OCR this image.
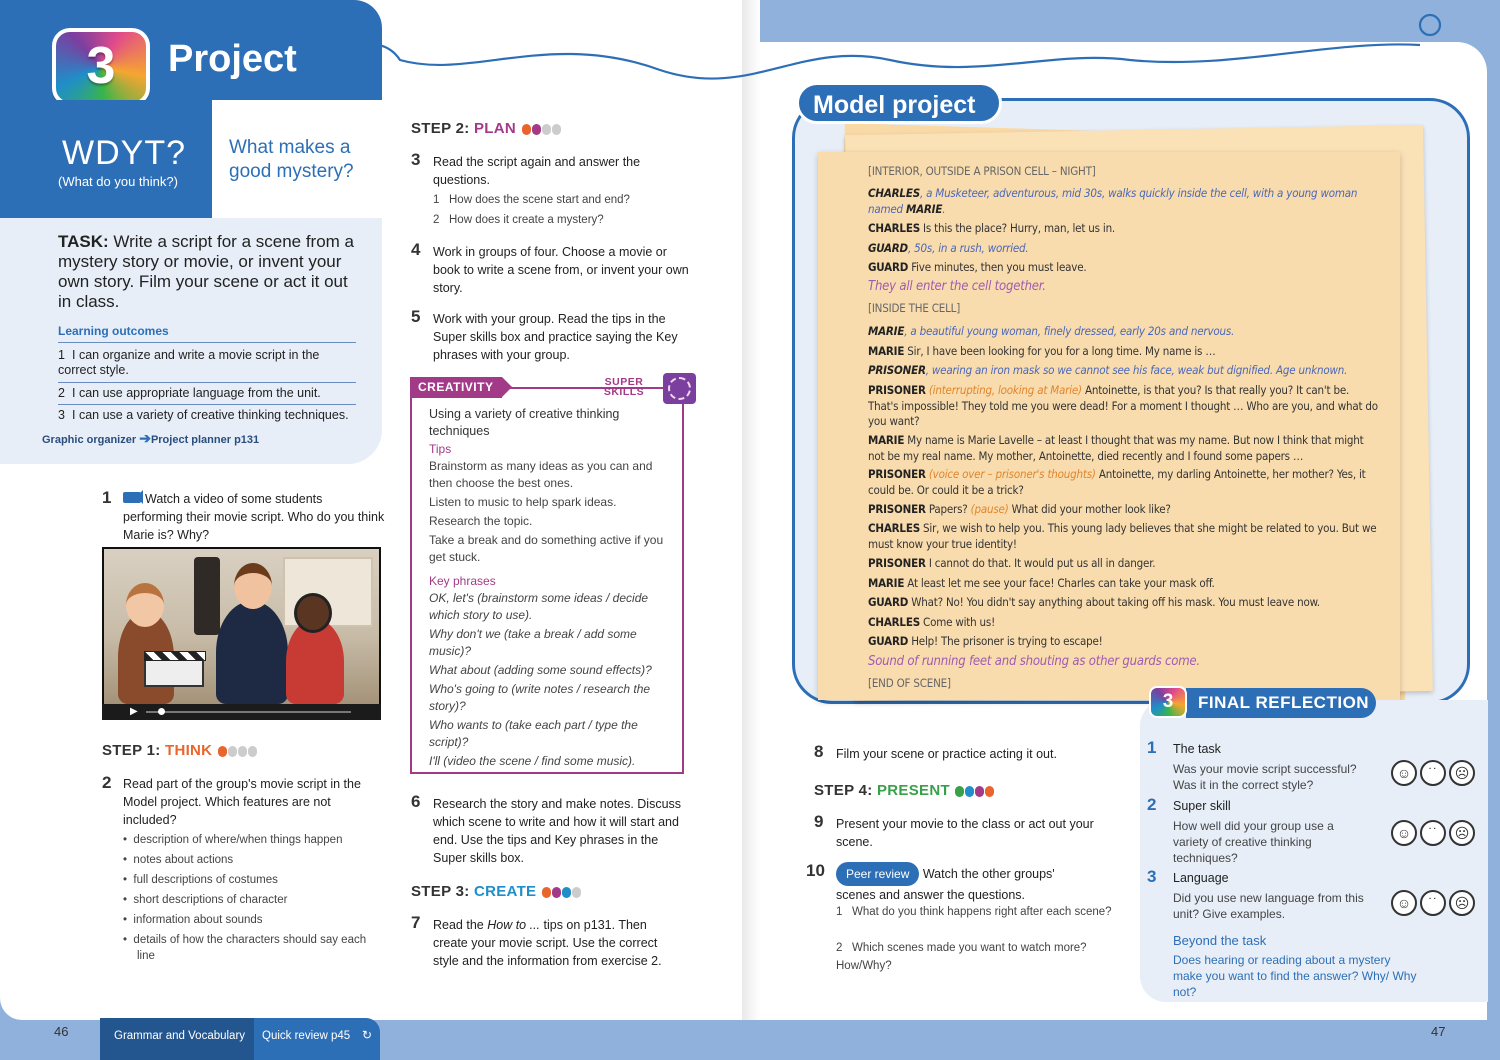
Project
3
WDYT?
(What do you think?)
What makes a good mystery?
TASK: Write a script for a scene from a mystery story or movie, or invent your own story. Film your scene or act it out in class.
Learning outcomes
1 I can organize and write a movie script in the correct style.
2 I can use appropriate language from the unit.
3 I can use a variety of creative thinking techniques.
Graphic organizer ➔Project planner p131
1	Watch a video of some students performing their movie script. Who do you think Marie is? Why?
▶
STEP 1: THINK
2 Read part of the group's movie script in the Model project. Which features are not included?
•  description of where/when things happen
•  notes about actions
•  full descriptions of costumes
•  short descriptions of character
•  information about sounds
•  details of how the characters should say each line
STEP 2: PLAN
3 Read the script again and answer the questions.
1 How does the scene start and end?
2 How does it create a mystery?
4 Work in groups of four. Choose a movie or book to write a scene from, or invent your own story.
5 Work with your group. Read the tips in the Super skills box and practice saying the Key phrases with your group.
CREATIVITY	SUPER
SKILLS
Using a variety of creative thinking techniques
Tips
Brainstorm as many ideas as you can and then choose the best ones.
Listen to music to help spark ideas.
Research the topic.
Take a break and do something active if you get stuck.
Key phrases
OK, let's (brainstorm some ideas / decide which story to use).
Why don't we (take a break / add some music)?
What about (adding some sound effects)?
Who's going to (write notes / research the story)?
Who wants to (take each part / type the script)?
I'll (video the scene / find some music).
6 Research the story and make notes. Discuss which scene to write and how it will start and end. Use the tips and Key phrases in the Super skills box.
STEP 3: CREATE
7 Read the How to ... tips on p131. Then create your movie script. Use the correct style and the information from exercise 2.
Model project
[INTERIOR, OUTSIDE A PRISON CELL – NIGHT]
CHARLES, a Musketeer, adventurous, mid 30s, walks quickly inside the cell, with a young woman named MARIE.
CHARLES Is this the place? Hurry, man, let us in.
GUARD, 50s, in a rush, worried.
GUARD Five minutes, then you must leave.
They all enter the cell together.
[INSIDE THE CELL]
MARIE, a beautiful young woman, finely dressed, early 20s and nervous.
MARIE Sir, I have been looking for you for a long time. My name is …
PRISONER, wearing an iron mask so we cannot see his face, weak but dignified. Age unknown.
PRISONER (interrupting, looking at Marie) Antoinette, is that you? Is that really you? It can't be. That's impossible! They told me you were dead! For a moment I thought … Who are you, and what do you want?
MARIE My name is Marie Lavelle – at least I thought that was my name. But now I think that might not be my real name. My mother, Antoinette, died recently and I found some papers …
PRISONER (voice over – prisoner's thoughts) Antoinette, my darling Antoinette, her mother? Yes, it could be. Or could it be a trick?
PRISONER Papers? (pause) What did your mother look like?
CHARLES Sir, we wish to help you. This young lady believes that she might be related to you. But we must know your true identity!
PRISONER I cannot do that. It would put us all in danger.
MARIE At least let me see your face! Charles can take your mask off.
GUARD What? No! You didn't say anything about taking off his mask. You must leave now.
CHARLES Come with us!
GUARD Help! The prisoner is trying to escape!
Sound of running feet and shouting as other guards come.
[END OF SCENE]
8 Film your scene or practice acting it out.
STEP 4: PRESENT
9 Present your movie to the class or act out your scene.
10	Peer review Watch the other groups' scenes and answer the questions.
1 What do you think happens right after each scene?
2 Which scenes made you want to watch more? How/Why?
FINAL REFLECTION
3
1 The task
Was your movie script successful? Was it in the correct style?
☺	˙˙	☹
2 Super skill
How well did your group use a variety of creative thinking techniques?
☺	˙˙	☹
3 Language
Did you use new language from this unit? Give examples.
☺	˙˙	☹
Beyond the task
Does hearing or reading about a mystery make you want to find the answer? Why/ Why not?
46	47
Grammar and Vocabulary	Quick review p45 ↻
